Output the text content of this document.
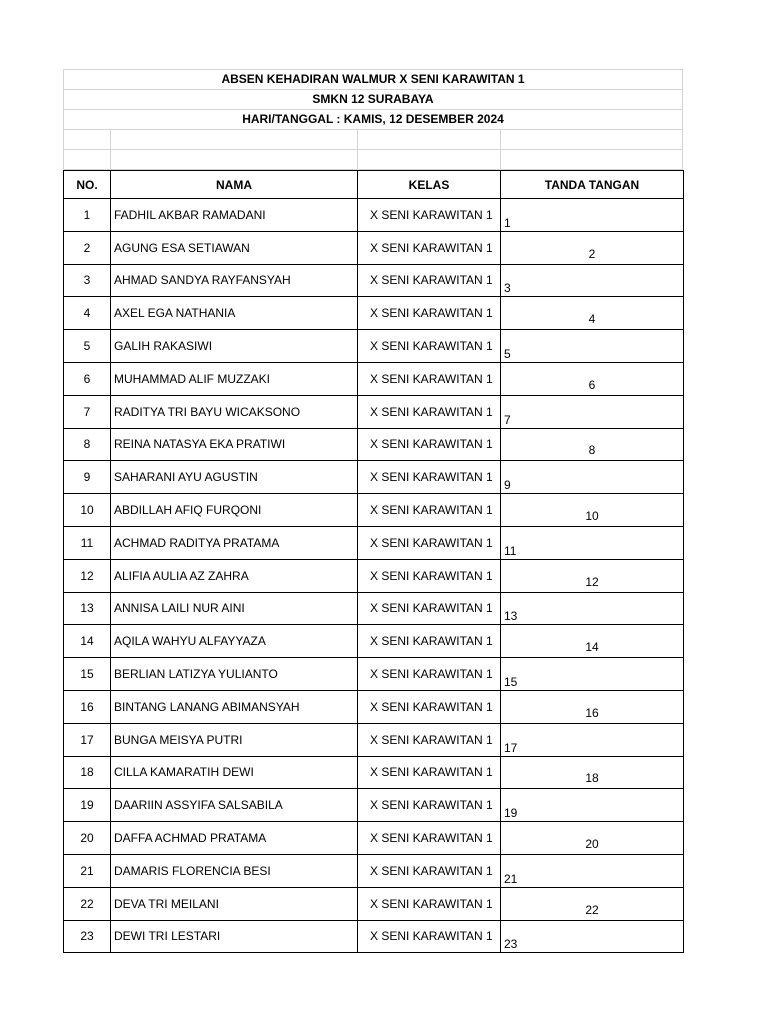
ABSEN KEHADIRAN WALMUR X SENI KARAWITAN 1
SMKN 12 SURABAYA
HARI/TANGGAL : KAMIS, 12 DESEMBER 2024
NO.	NAMA	KELAS	TANDA TANGAN
1	FADHIL AKBAR RAMADANI	X SENI KARAWITAN 1	1

2	AGUNG ESA SETIAWAN	X SENI KARAWITAN 1	2

3	AHMAD SANDYA RAYFANSYAH	X SENI KARAWITAN 1	3

4	AXEL EGA NATHANIA	X SENI KARAWITAN 1	4

5	GALIH RAKASIWI	X SENI KARAWITAN 1	5

6	MUHAMMAD ALIF MUZZAKI	X SENI KARAWITAN 1	6

7	RADITYA TRI BAYU WICAKSONO	X SENI KARAWITAN 1	7

8	REINA NATASYA EKA PRATIWI	X SENI KARAWITAN 1	8

9	SAHARANI AYU AGUSTIN	X SENI KARAWITAN 1	9

10	ABDILLAH AFIQ FURQONI	X SENI KARAWITAN 1	10

11	ACHMAD RADITYA PRATAMA	X SENI KARAWITAN 1	11

12	ALIFIA AULIA AZ ZAHRA	X SENI KARAWITAN 1	12

13	ANNISA LAILI NUR AINI	X SENI KARAWITAN 1	13

14	AQILA WAHYU ALFAYYAZA	X SENI KARAWITAN 1	14

15	BERLIAN LATIZYA YULIANTO	X SENI KARAWITAN 1	15

16	BINTANG LANANG ABIMANSYAH	X SENI KARAWITAN 1	16

17	BUNGA MEISYA PUTRI	X SENI KARAWITAN 1	17

18	CILLA KAMARATIH DEWI	X SENI KARAWITAN 1	18

19	DAARIIN ASSYIFA SALSABILA	X SENI KARAWITAN 1	19

20	DAFFA ACHMAD PRATAMA	X SENI KARAWITAN 1	20

21	DAMARIS FLORENCIA BESI	X SENI KARAWITAN 1	21

22	DEVA TRI MEILANI	X SENI KARAWITAN 1	22

23	DEWI TRI LESTARI	X SENI KARAWITAN 1	23
